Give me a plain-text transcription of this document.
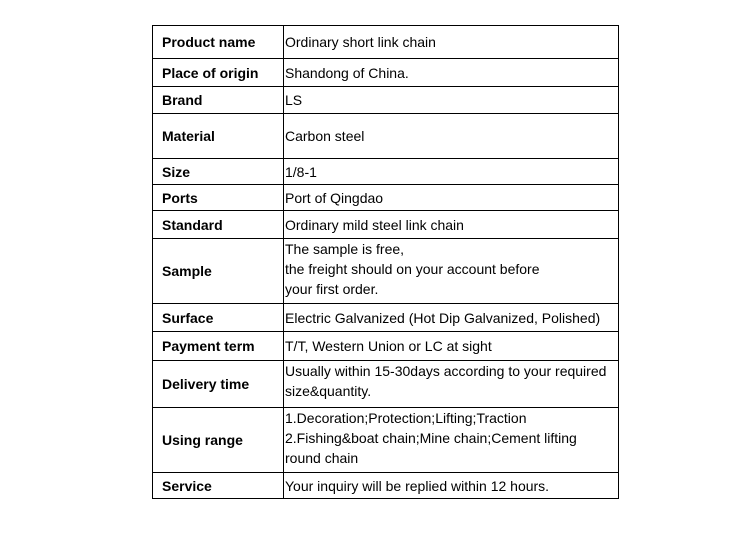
Product name	Ordinary short link chain

Place of origin	Shandong of China.

Brand	LS

Material	Carbon steel

Size	1/8-1

Ports	Port of Qingdao

Standard	Ordinary mild steel link chain

Sample	The sample is free,
the freight should on your account before
your first order.

Surface	Electric Galvanized (Hot Dip Galvanized, Polished)

Payment term	T/T, Western Union or LC at sight

Delivery time	Usually within 15-30days according to your required
size&quantity.

Using range	1.Decoration;Protection;Lifting;Traction
2.Fishing&boat chain;Mine chain;Cement lifting
round chain

Service	Your inquiry will be replied within 12 hours.
